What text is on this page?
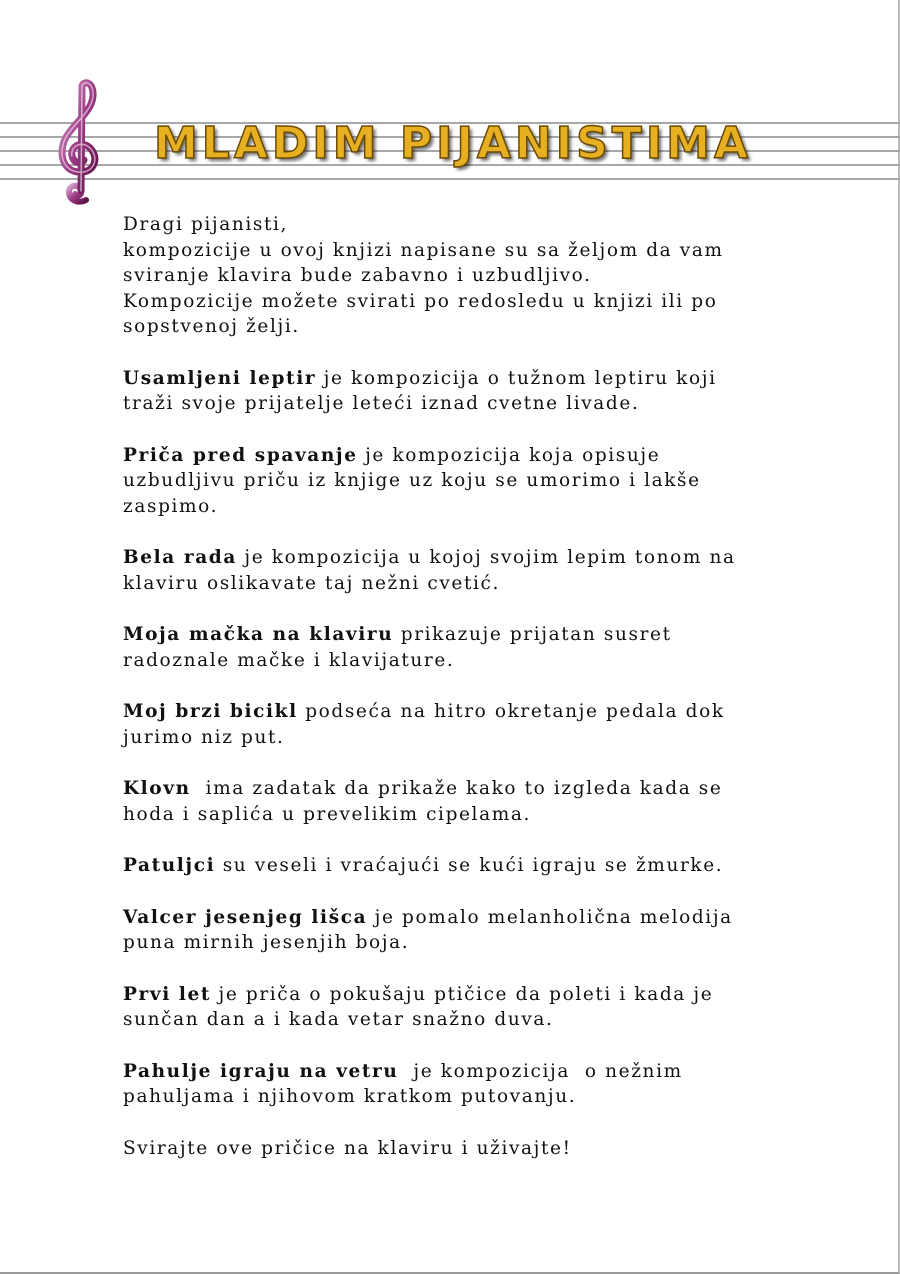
MLADIM PIJANISTIMA

Dragi pijanisti,
kompozicije u ovoj knjizi napisane su sa željom da vam
sviranje klavira bude zabavno i uzbudljivo.
Kompozicije možete svirati po redosledu u knjizi ili po
sopstvenoj želji.

Usamljeni leptir je kompozicija o tužnom leptiru koji
traži svoje prijatelje leteći iznad cvetne livade.

Priča pred spavanje je kompozicija koja opisuje
uzbudljivu priču iz knjige uz koju se umorimo i lakše
zaspimo.

Bela rada je kompozicija u kojoj svojim lepim tonom na
klaviru oslikavate taj nežni cvetić.

Moja mačka na klaviru prikazuje prijatan susret
radoznale mačke i klavijature.

Moj brzi bicikl podseća na hitro okretanje pedala dok
jurimo niz put.

Klovn  ima zadatak da prikaže kako to izgleda kada se
hoda i saplića u prevelikim cipelama.

Patuljci su veseli i vraćajući se kući igraju se žmurke.

Valcer jesenjeg lišca je pomalo melanholična melodija
puna mirnih jesenjih boja.

Prvi let je priča o pokušaju ptičice da poleti i kada je
sunčan dan a i kada vetar snažno duva.

Pahulje igraju na vetru  je kompozicija  o nežnim
pahuljama i njihovom kratkom putovanju.

Svirajte ove pričice na klaviru i uživajte!
